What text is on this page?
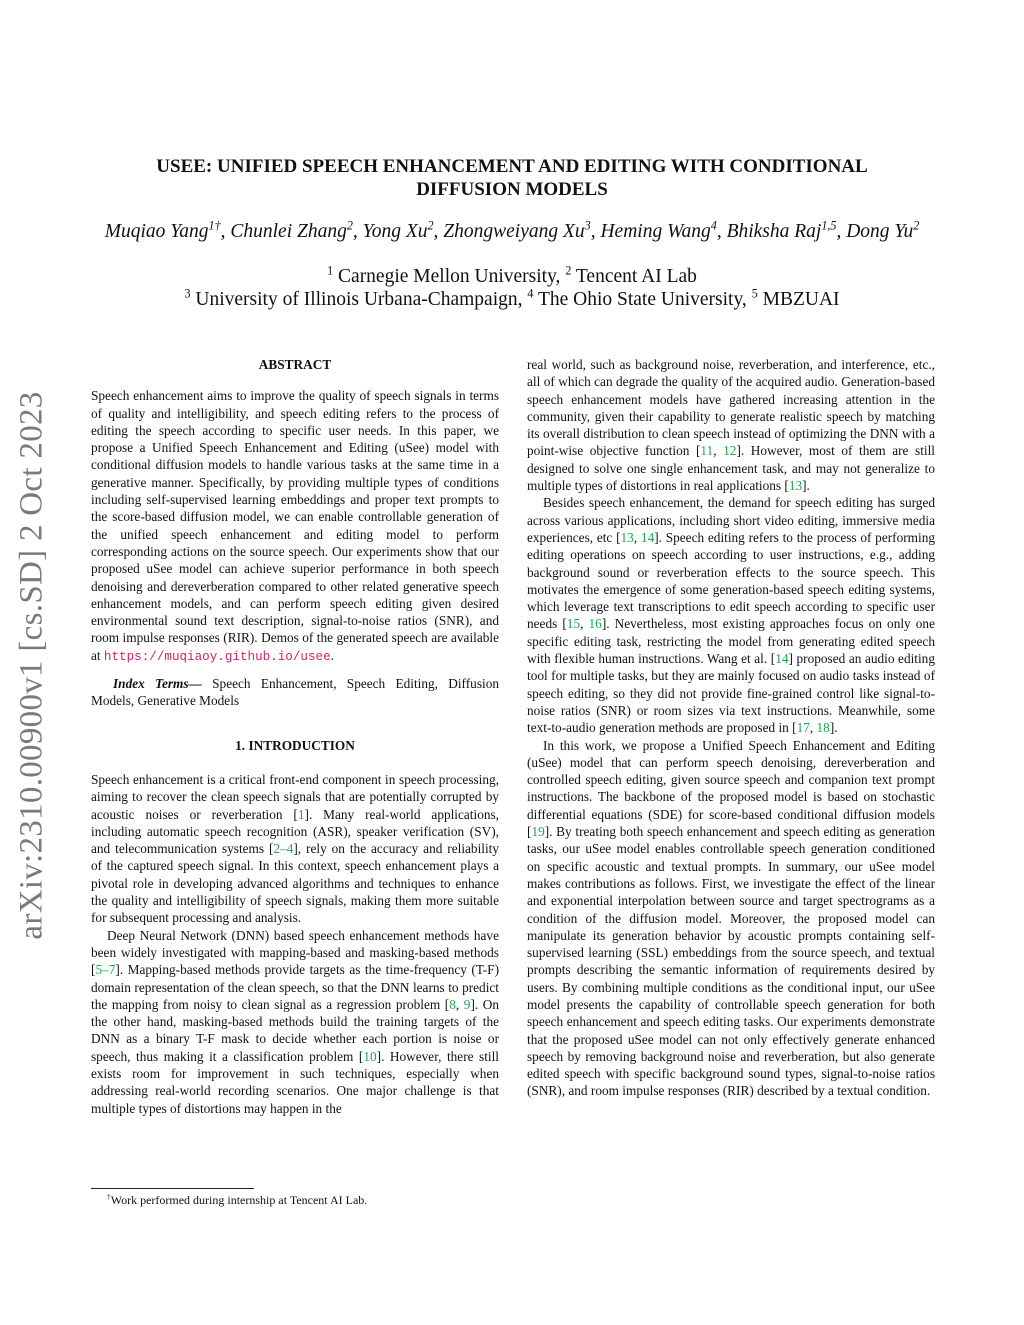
arXiv:2310.00900v1 [cs.SD] 2 Oct 2023
USEE: UNIFIED SPEECH ENHANCEMENT AND EDITING WITH CONDITIONAL
DIFFUSION MODELS
Muqiao Yang$^{1\dagger}$, Chunlei Zhang$^2$, Yong Xu$^2$, Zhongweiyang Xu$^3$, Heming Wang$^4$, Bhiksha Raj$^{1,5}$, Dong Yu$^2$
$^1$ Carnegie Mellon University, $^2$ Tencent AI Lab
$^3$ University of Illinois Urbana-Champaign, $^4$ The Ohio State University, $^5$ MBZUAI
ABSTRACT

Speech enhancement aims to improve the quality of speech signals in terms of quality and intelligibility, and speech editing refers to the process of editing the speech according to specific user needs. In this paper, we propose a Unified Speech Enhancement and Editing (uSee) model with conditional diffusion models to handle various tasks at the same time in a generative manner. Specifically, by providing multiple types of conditions including self-supervised learning embeddings and proper text prompts to the score-based diffusion model, we can enable controllable generation of the unified speech enhancement and editing model to perform corresponding actions on the source speech. Our experiments show that our proposed uSee model can achieve superior performance in both speech denoising and dereverberation compared to other related generative speech enhancement models, and can perform speech editing given desired environmental sound text description, signal-to-noise ratios (SNR), and room impulse responses (RIR). Demos of the generated speech are available at https://muqiaoy.github.io/usee.

Index Terms— Speech Enhancement, Speech Editing, Diffusion Models, Generative Models

1. INTRODUCTION

Speech enhancement is a critical front-end component in speech processing, aiming to recover the clean speech signals that are potentially corrupted by acoustic noises or reverberation [1]. Many real-world applications, including automatic speech recognition (ASR), speaker verification (SV), and telecommunication systems [2–4], rely on the accuracy and reliability of the captured speech signal. In this context, speech enhancement plays a pivotal role in developing advanced algorithms and techniques to enhance the quality and intelligibility of speech signals, making them more suitable for subsequent processing and analysis.

Deep Neural Network (DNN) based speech enhancement methods have been widely investigated with mapping-based and masking-based methods [5–7]. Mapping-based methods provide targets as the time-frequency (T-F) domain representation of the clean speech, so that the DNN learns to predict the mapping from noisy to clean signal as a regression problem [8, 9]. On the other hand, masking-based methods build the training targets of the DNN as a binary T-F mask to decide whether each portion is noise or speech, thus making it a classification problem [10]. However, there still exists room for improvement in such techniques, especially when addressing real-world recording scenarios. One major challenge is that multiple types of distortions may happen in the

†Work performed during internship at Tencent AI Lab.

real world, such as background noise, reverberation, and interference, etc., all of which can degrade the quality of the acquired audio. Generation-based speech enhancement models have gathered increasing attention in the community, given their capability to generate realistic speech by matching its overall distribution to clean speech instead of optimizing the DNN with a point-wise objective function [11, 12]. However, most of them are still designed to solve one single enhancement task, and may not generalize to multiple types of distortions in real applications [13].

Besides speech enhancement, the demand for speech editing has surged across various applications, including short video editing, immersive media experiences, etc [13, 14]. Speech editing refers to the process of performing editing operations on speech according to user instructions, e.g., adding background sound or reverberation effects to the source speech. This motivates the emergence of some generation-based speech editing systems, which leverage text transcriptions to edit speech according to specific user needs [15, 16]. Nevertheless, most existing approaches focus on only one specific editing task, restricting the model from generating edited speech with flexible human instructions. Wang et al. [14] proposed an audio editing tool for multiple tasks, but they are mainly focused on audio tasks instead of speech editing, so they did not provide fine-grained control like signal-to-noise ratios (SNR) or room sizes via text instructions. Meanwhile, some text-to-audio generation methods are proposed in [17, 18].

In this work, we propose a Unified Speech Enhancement and Editing (uSee) model that can perform speech denoising, dereverberation and controlled speech editing, given source speech and companion text prompt instructions. The backbone of the proposed model is based on stochastic differential equations (SDE) for score-based conditional diffusion models [19]. By treating both speech enhancement and speech editing as generation tasks, our uSee model enables controllable speech generation conditioned on specific acoustic and textual prompts. In summary, our uSee model makes contributions as follows. First, we investigate the effect of the linear and exponential interpolation between source and target spectrograms as a condition of the diffusion model. Moreover, the proposed model can manipulate its generation behavior by acoustic prompts containing self-supervised learning (SSL) embeddings from the source speech, and textual prompts describing the semantic information of requirements desired by users. By combining multiple conditions as the conditional input, our uSee model presents the capability of controllable speech generation for both speech enhancement and speech editing tasks. Our experiments demonstrate that the proposed uSee model can not only effectively generate enhanced speech by removing background noise and reverberation, but also generate edited speech with specific background sound types, signal-to-noise ratios (SNR), and room impulse responses (RIR) described by a textual condition.
